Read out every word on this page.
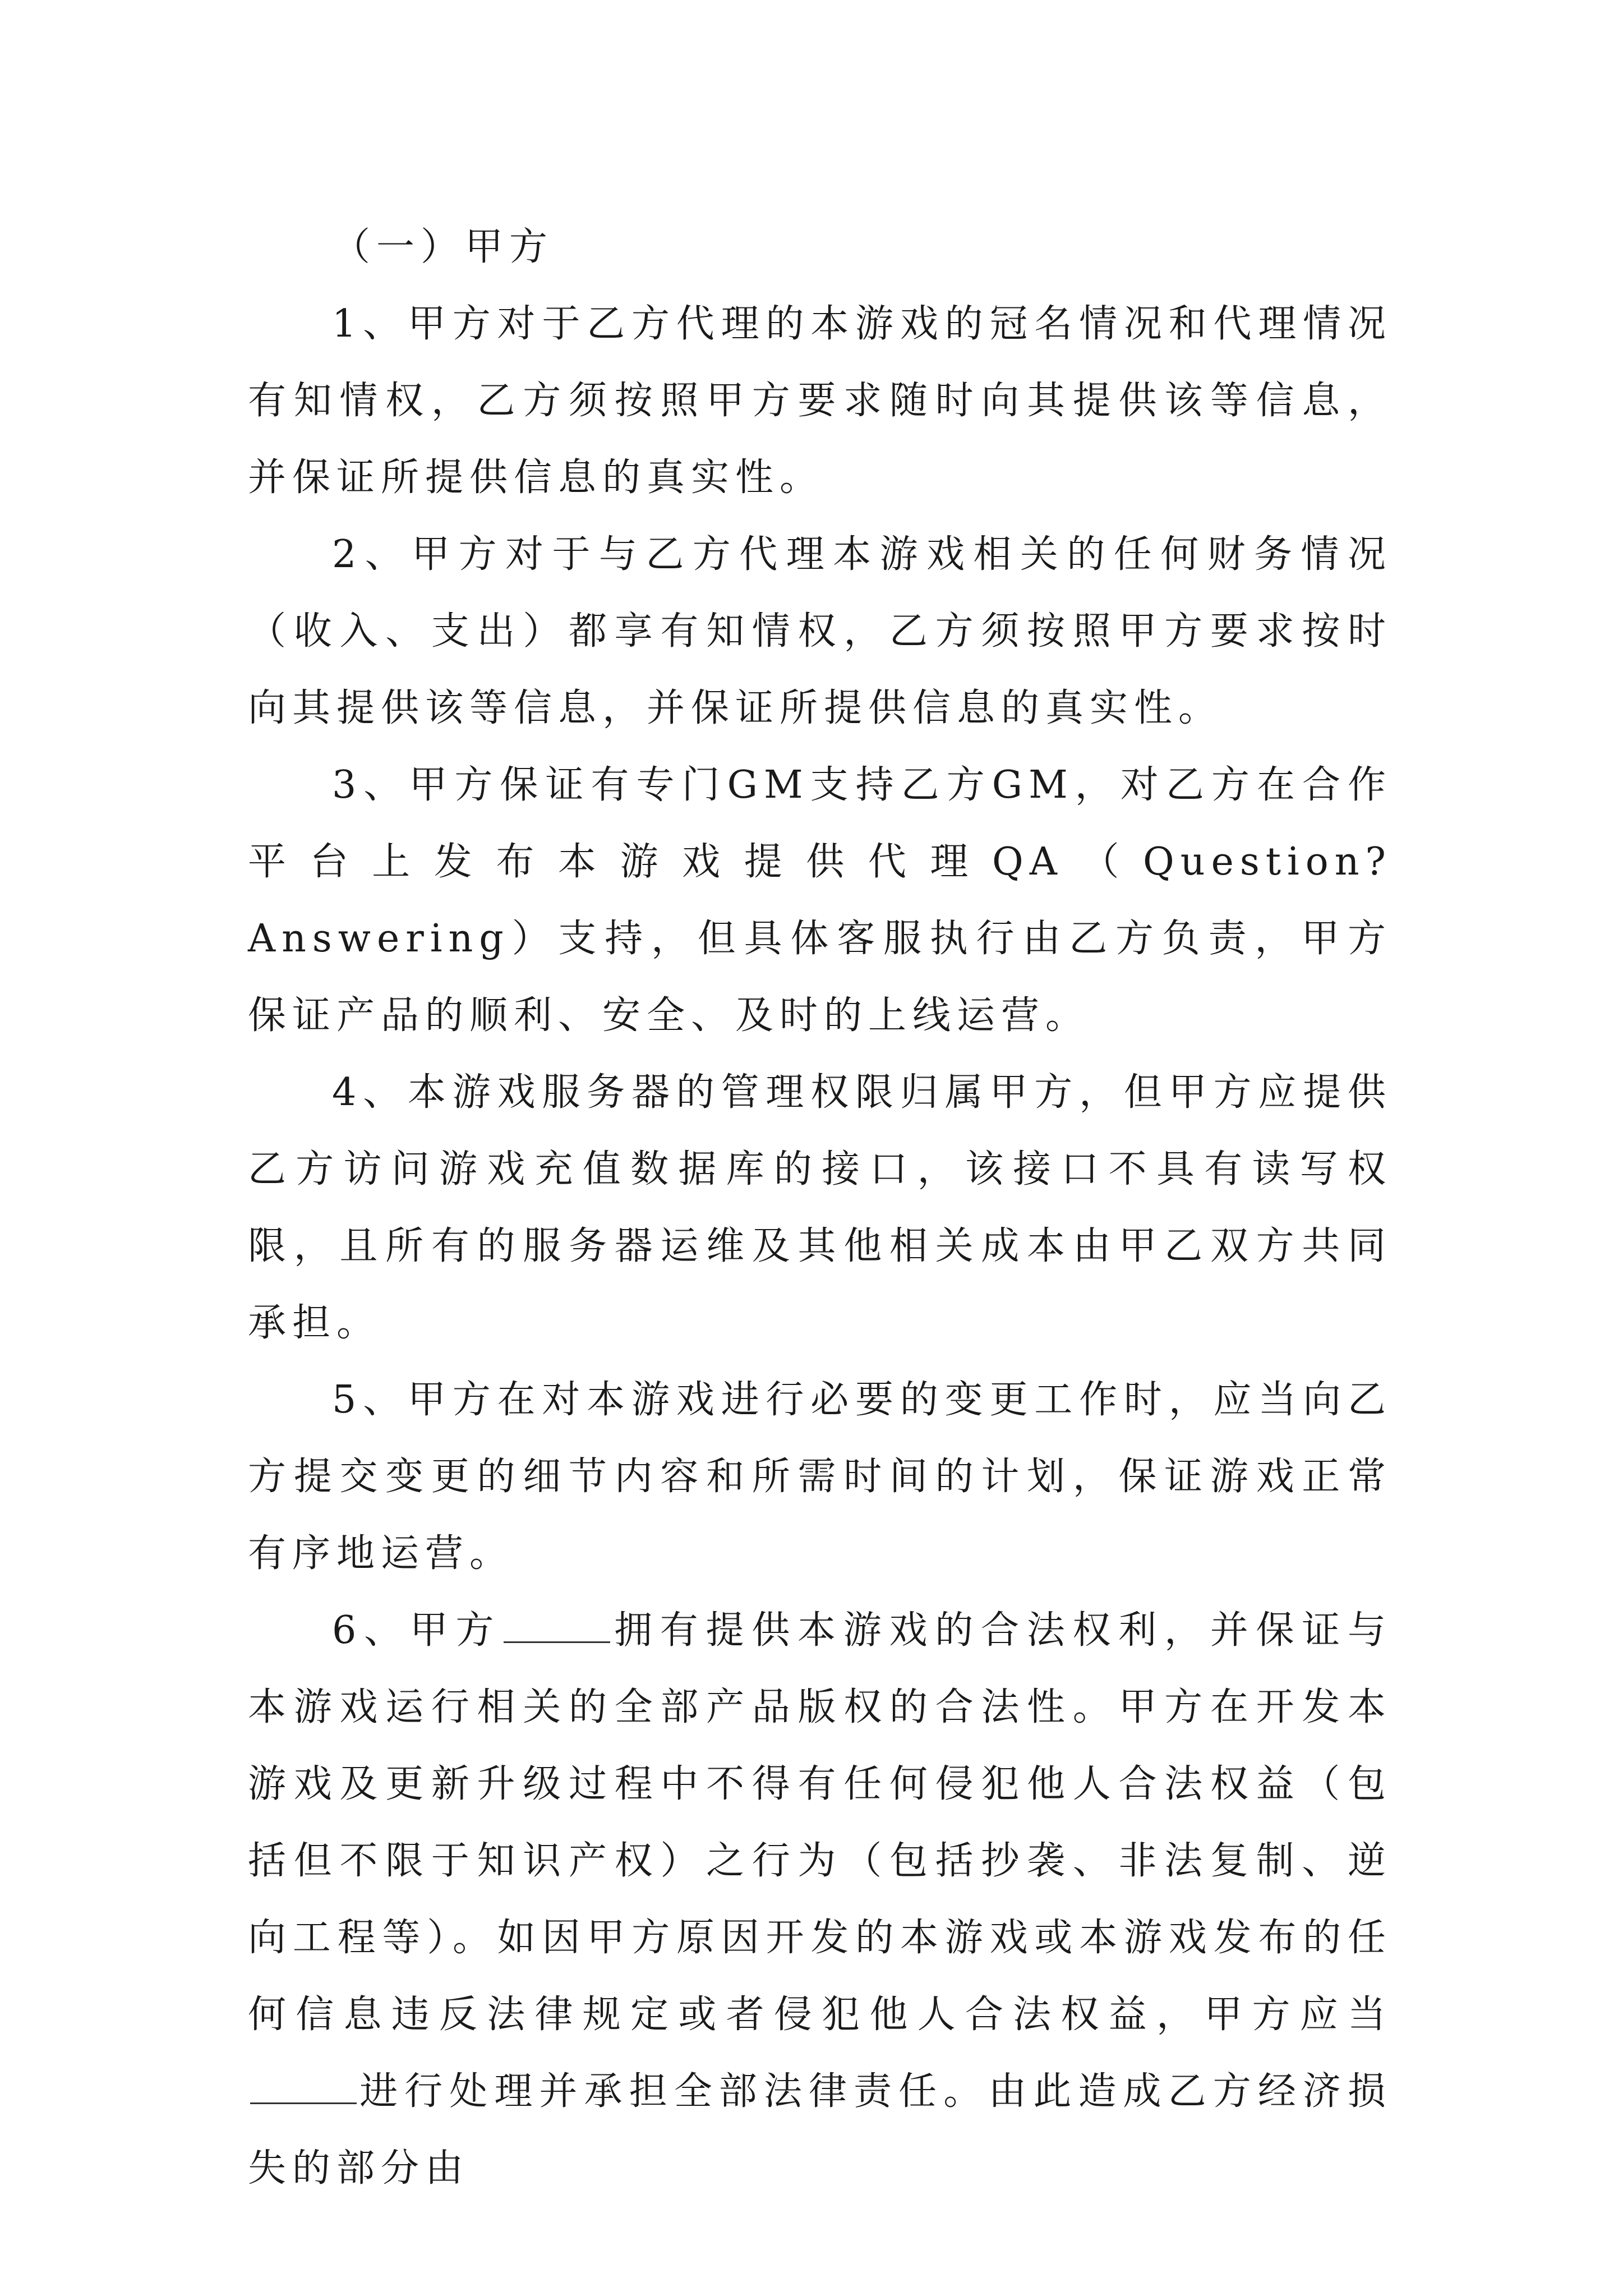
（一）甲方

1、甲方对于乙方代理的本游戏的冠名情况和代理情况有知情权，乙方须按照甲方要求随时向其提供该等信息，并保证所提供信息的真实性。

2、甲方对于与乙方代理本游戏相关的任何财务情况（收入、支出）都享有知情权，乙方须按照甲方要求按时向其提供该等信息，并保证所提供信息的真实性。

3、甲方保证有专门GM支持乙方GM，对乙方在合作平台上发布本游戏提供代理QA（Question?Answering）支持，但具体客服执行由乙方负责，甲方保证产品的顺利、安全、及时的上线运营。

4、本游戏服务器的管理权限归属甲方，但甲方应提供乙方访问游戏充值数据库的接口，该接口不具有读写权限，且所有的服务器运维及其他相关成本由甲乙双方共同承担。

5、甲方在对本游戏进行必要的变更工作时，应当向乙方提交变更的细节内容和所需时间的计划，保证游戏正常有序地运营。

6、甲方	拥有提供本游戏的合法权利，并保证与本游戏运行相关的全部产品版权的合法性。甲方在开发本游戏及更新升级过程中不得有任何侵犯他人合法权益（包括但不限于知识产权）之行为（包括抄袭、非法复制、逆向工程等）。如因甲方原因开发的本游戏或本游戏发布的任何信息违反法律规定或者侵犯他人合法权益，甲方应当进行处理并承担全部法律责任。由此造成乙方经济损失的部分由
